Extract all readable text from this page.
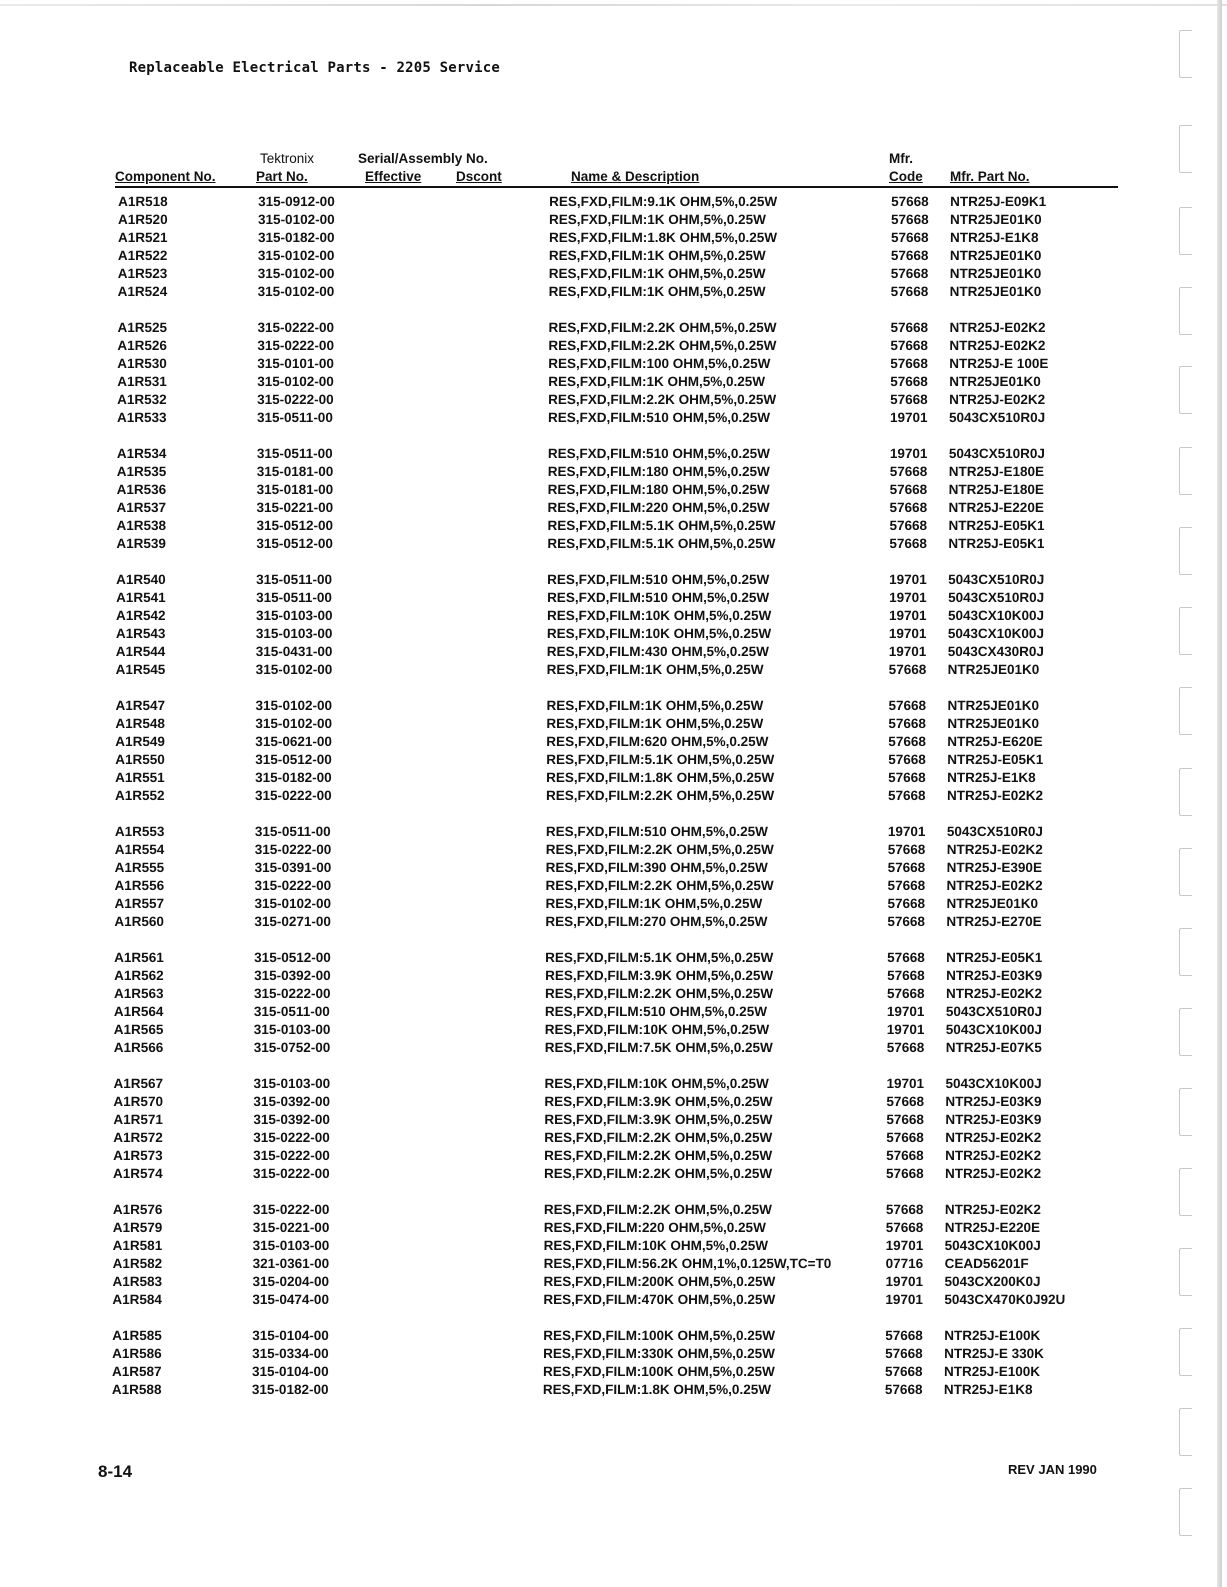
Replaceable Electrical Parts - 2205 Service
Component No.
Tektronix
Part No.
Serial/Assembly No.
Effective	Dscont	Name & Description
Mfr.
Code Mfr. Part No.
A1R518	315-0912-00	RES,FXD,FILM:9.1K OHM,5%,0.25W	57668 NTR25J-E09K1
A1R520	315-0102-00	RES,FXD,FILM:1K OHM,5%,0.25W	57668 NTR25JE01K0
A1R521	315-0182-00	RES,FXD,FILM:1.8K OHM,5%,0.25W	57668 NTR25J-E1K8
A1R522	315-0102-00	RES,FXD,FILM:1K OHM,5%,0.25W	57668 NTR25JE01K0
A1R523	315-0102-00	RES,FXD,FILM:1K OHM,5%,0.25W	57668 NTR25JE01K0
A1R524	315-0102-00	RES,FXD,FILM:1K OHM,5%,0.25W	57668 NTR25JE01K0
A1R525	315-0222-00	RES,FXD,FILM:2.2K OHM,5%,0.25W	57668 NTR25J-E02K2
A1R526	315-0222-00	RES,FXD,FILM:2.2K OHM,5%,0.25W	57668 NTR25J-E02K2
A1R530	315-0101-00	RES,FXD,FILM:100 OHM,5%,0.25W	57668 NTR25J-E 100E
A1R531	315-0102-00	RES,FXD,FILM:1K OHM,5%,0.25W	57668 NTR25JE01K0
A1R532	315-0222-00	RES,FXD,FILM:2.2K OHM,5%,0.25W	57668 NTR25J-E02K2
A1R533	315-0511-00	RES,FXD,FILM:510 OHM,5%,0.25W	19701 5043CX510R0J
A1R534	315-0511-00	RES,FXD,FILM:510 OHM,5%,0.25W	19701 5043CX510R0J
A1R535	315-0181-00	RES,FXD,FILM:180 OHM,5%,0.25W	57668 NTR25J-E180E
A1R536	315-0181-00	RES,FXD,FILM:180 OHM,5%,0.25W	57668 NTR25J-E180E
A1R537	315-0221-00	RES,FXD,FILM:220 OHM,5%,0.25W	57668 NTR25J-E220E
A1R538	315-0512-00	RES,FXD,FILM:5.1K OHM,5%,0.25W	57668 NTR25J-E05K1
A1R539	315-0512-00	RES,FXD,FILM:5.1K OHM,5%,0.25W	57668 NTR25J-E05K1
A1R540	315-0511-00	RES,FXD,FILM:510 OHM,5%,0.25W	19701 5043CX510R0J
A1R541	315-0511-00	RES,FXD,FILM:510 OHM,5%,0.25W	19701 5043CX510R0J
A1R542	315-0103-00	RES,FXD,FILM:10K OHM,5%,0.25W	19701 5043CX10K00J
A1R543	315-0103-00	RES,FXD,FILM:10K OHM,5%,0.25W	19701 5043CX10K00J
A1R544	315-0431-00	RES,FXD,FILM:430 OHM,5%,0.25W	19701 5043CX430R0J
A1R545	315-0102-00	RES,FXD,FILM:1K OHM,5%,0.25W	57668 NTR25JE01K0
A1R547	315-0102-00	RES,FXD,FILM:1K OHM,5%,0.25W	57668 NTR25JE01K0
A1R548	315-0102-00	RES,FXD,FILM:1K OHM,5%,0.25W	57668 NTR25JE01K0
A1R549	315-0621-00	RES,FXD,FILM:620 OHM,5%,0.25W	57668 NTR25J-E620E
A1R550	315-0512-00	RES,FXD,FILM:5.1K OHM,5%,0.25W	57668 NTR25J-E05K1
A1R551	315-0182-00	RES,FXD,FILM:1.8K OHM,5%,0.25W	57668 NTR25J-E1K8
A1R552	315-0222-00	RES,FXD,FILM:2.2K OHM,5%,0.25W	57668 NTR25J-E02K2
A1R553	315-0511-00	RES,FXD,FILM:510 OHM,5%,0.25W	19701 5043CX510R0J
A1R554	315-0222-00	RES,FXD,FILM:2.2K OHM,5%,0.25W	57668 NTR25J-E02K2
A1R555	315-0391-00	RES,FXD,FILM:390 OHM,5%,0.25W	57668 NTR25J-E390E
A1R556	315-0222-00	RES,FXD,FILM:2.2K OHM,5%,0.25W	57668 NTR25J-E02K2
A1R557	315-0102-00	RES,FXD,FILM:1K OHM,5%,0.25W	57668 NTR25JE01K0
A1R560	315-0271-00	RES,FXD,FILM:270 OHM,5%,0.25W	57668 NTR25J-E270E
A1R561	315-0512-00	RES,FXD,FILM:5.1K OHM,5%,0.25W	57668 NTR25J-E05K1
A1R562	315-0392-00	RES,FXD,FILM:3.9K OHM,5%,0.25W	57668 NTR25J-E03K9
A1R563	315-0222-00	RES,FXD,FILM:2.2K OHM,5%,0.25W	57668 NTR25J-E02K2
A1R564	315-0511-00	RES,FXD,FILM:510 OHM,5%,0.25W	19701 5043CX510R0J
A1R565	315-0103-00	RES,FXD,FILM:10K OHM,5%,0.25W	19701 5043CX10K00J
A1R566	315-0752-00	RES,FXD,FILM:7.5K OHM,5%,0.25W	57668 NTR25J-E07K5
A1R567	315-0103-00	RES,FXD,FILM:10K OHM,5%,0.25W	19701 5043CX10K00J
A1R570	315-0392-00	RES,FXD,FILM:3.9K OHM,5%,0.25W	57668 NTR25J-E03K9
A1R571	315-0392-00	RES,FXD,FILM:3.9K OHM,5%,0.25W	57668 NTR25J-E03K9
A1R572	315-0222-00	RES,FXD,FILM:2.2K OHM,5%,0.25W	57668 NTR25J-E02K2
A1R573	315-0222-00	RES,FXD,FILM:2.2K OHM,5%,0.25W	57668 NTR25J-E02K2
A1R574	315-0222-00	RES,FXD,FILM:2.2K OHM,5%,0.25W	57668 NTR25J-E02K2
A1R576	315-0222-00	RES,FXD,FILM:2.2K OHM,5%,0.25W	57668 NTR25J-E02K2
A1R579	315-0221-00	RES,FXD,FILM:220 OHM,5%,0.25W	57668 NTR25J-E220E
A1R581	315-0103-00	RES,FXD,FILM:10K OHM,5%,0.25W	19701 5043CX10K00J
A1R582	321-0361-00	RES,FXD,FILM:56.2K OHM,1%,0.125W,TC=T0	07716 CEAD56201F
A1R583	315-0204-00	RES,FXD,FILM:200K OHM,5%,0.25W	19701 5043CX200K0J
A1R584	315-0474-00	RES,FXD,FILM:470K OHM,5%,0.25W	19701 5043CX470K0J92U
A1R585	315-0104-00	RES,FXD,FILM:100K OHM,5%,0.25W	57668 NTR25J-E100K
A1R586	315-0334-00	RES,FXD,FILM:330K OHM,5%,0.25W	57668 NTR25J-E 330K
A1R587	315-0104-00	RES,FXD,FILM:100K OHM,5%,0.25W	57668 NTR25J-E100K
A1R588	315-0182-00	RES,FXD,FILM:1.8K OHM,5%,0.25W	57668 NTR25J-E1K8
8-14	REV JAN 1990
